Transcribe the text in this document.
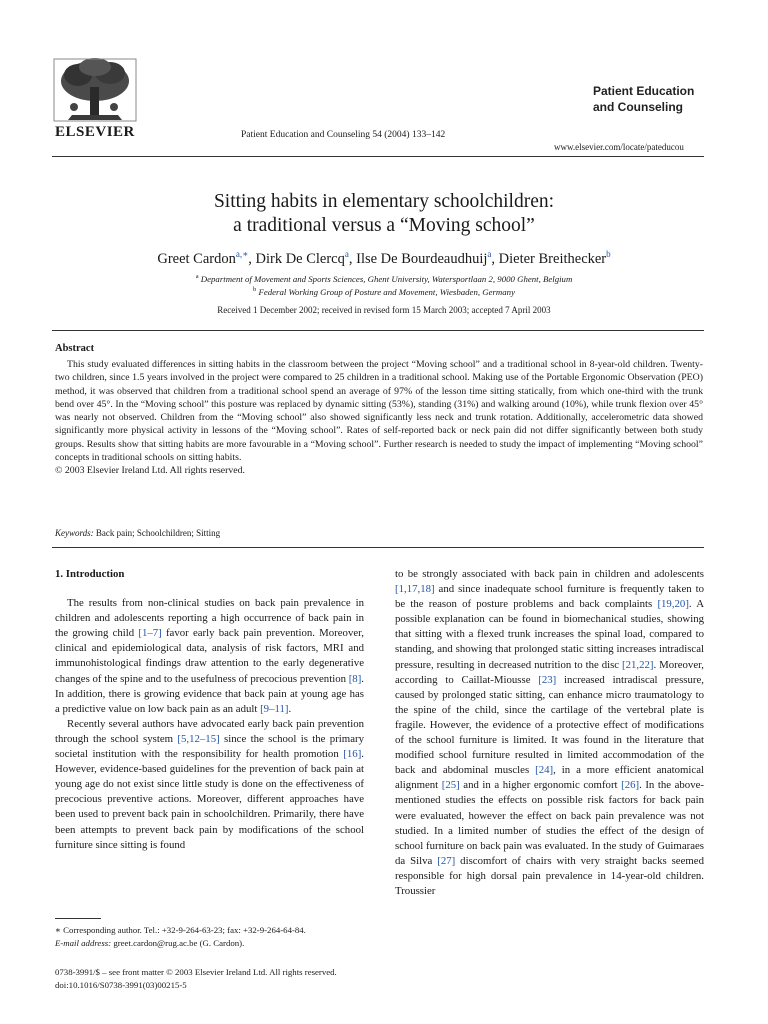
ELSEVIER	Patient Education and Counseling 54 (2004) 133–142
Patient Education
and Counseling
www.elsevier.com/locate/pateducou
Sitting habits in elementary schoolchildren:
a traditional versus a “Moving school”
Greet Cardon$^{a,∗}$, Dirk De Clercq$^a$, Ilse De Bourdeaudhuij$^a$, Dieter Breithecker$^b$
$^a$ Department of Movement and Sports Sciences, Ghent University, Watersportlaan 2, 9000 Ghent, Belgium
$^b$ Federal Working Group of Posture and Movement, Wiesbaden, Germany
Received 1 December 2002; received in revised form 15 March 2003; accepted 7 April 2003
Abstract

This study evaluated differences in sitting habits in the classroom between the project “Moving school” and a traditional school in 8-year-old children. Twenty-two children, since 1.5 years involved in the project were compared to 25 children in a traditional school. Making use of the Portable Ergonomic Observation (PEO) method, it was observed that children from a traditional school spend an average of 97% of the lesson time sitting statically, from which one-third with the trunk bend over 45°. In the “Moving school” this posture was replaced by dynamic sitting (53%), standing (31%) and walking around (10%), while trunk flexion over 45° was nearly not observed. Children from the “Moving school” also showed significantly less neck and trunk rotation. Additionally, accelerometric data showed significantly more physical activity in lessons of the “Moving school”. Rates of self-reported back or neck pain did not differ significantly between both study groups. Results show that sitting habits are more favourable in a “Moving school”. Further research is needed to study the impact of implementing “Moving school” concepts in traditional schools on sitting habits.

© 2003 Elsevier Ireland Ltd. All rights reserved.

Keywords: Back pain; Schoolchildren; Sitting

1. Introduction

The results from non-clinical studies on back pain prevalence in children and adolescents reporting a high occurrence of back pain in the growing child [1–7] favor early back pain prevention. Moreover, clinical and epidemiological data, analysis of risk factors, MRI and immunohistological findings draw attention to the early degenerative changes of the spine and to the usefulness of precocious prevention [8]. In addition, there is growing evidence that back pain at young age has a predictive value on low back pain as an adult [9–11].

Recently several authors have advocated early back pain prevention through the school system [5,12–15] since the school is the primary societal institution with the responsibility for health promotion [16]. However, evidence-based guidelines for the prevention of back pain at young age do not exist since little study is done on the effectiveness of precocious preventive actions. Moreover, different approaches have been used to prevent back pain in schoolchildren. Primarily, there have been attempts to prevent back pain by modifications of the school furniture since sitting is found

to be strongly associated with back pain in children and adolescents [1,17,18] and since inadequate school furniture is frequently taken to be the reason of posture problems and back complaints [19,20]. A possible explanation can be found in biomechanical studies, showing that sitting with a flexed trunk increases the spinal load, compared to standing, and showing that prolonged static sitting increases intradiscal pressure, resulting in decreased nutrition to the disc [21,22]. Moreover, according to Caillat-Miousse [23] increased intradiscal pressure, caused by prolonged static sitting, can enhance micro traumatology to the spine of the child, since the cartilage of the vertebral plate is fragile. However, the evidence of a protective effect of modifications of the school furniture is limited. It was found in the literature that modified school furniture resulted in limited accommodation of the back and abdominal muscles [24], in a more efficient anatomical alignment [25] and in a higher ergonomic comfort [26]. In the above-mentioned studies the effects on possible risk factors for back pain were evaluated, however the effect on back pain prevalence was not studied. In a limited number of studies the effect of the design of school furniture on back pain was evaluated. In the study of Guimaraes da Silva [27] discomfort of chairs with very straight backs seemed responsible for high dorsal pain prevalence in 14-year-old children. Troussier

∗ Corresponding author. Tel.: +32-9-264-63-23; fax: +32-9-264-64-84.

E-mail address: greet.cardon@rug.ac.be (G. Cardon).

0738-3991/$ – see front matter © 2003 Elsevier Ireland Ltd. All rights reserved.

doi:10.1016/S0738-3991(03)00215-5
